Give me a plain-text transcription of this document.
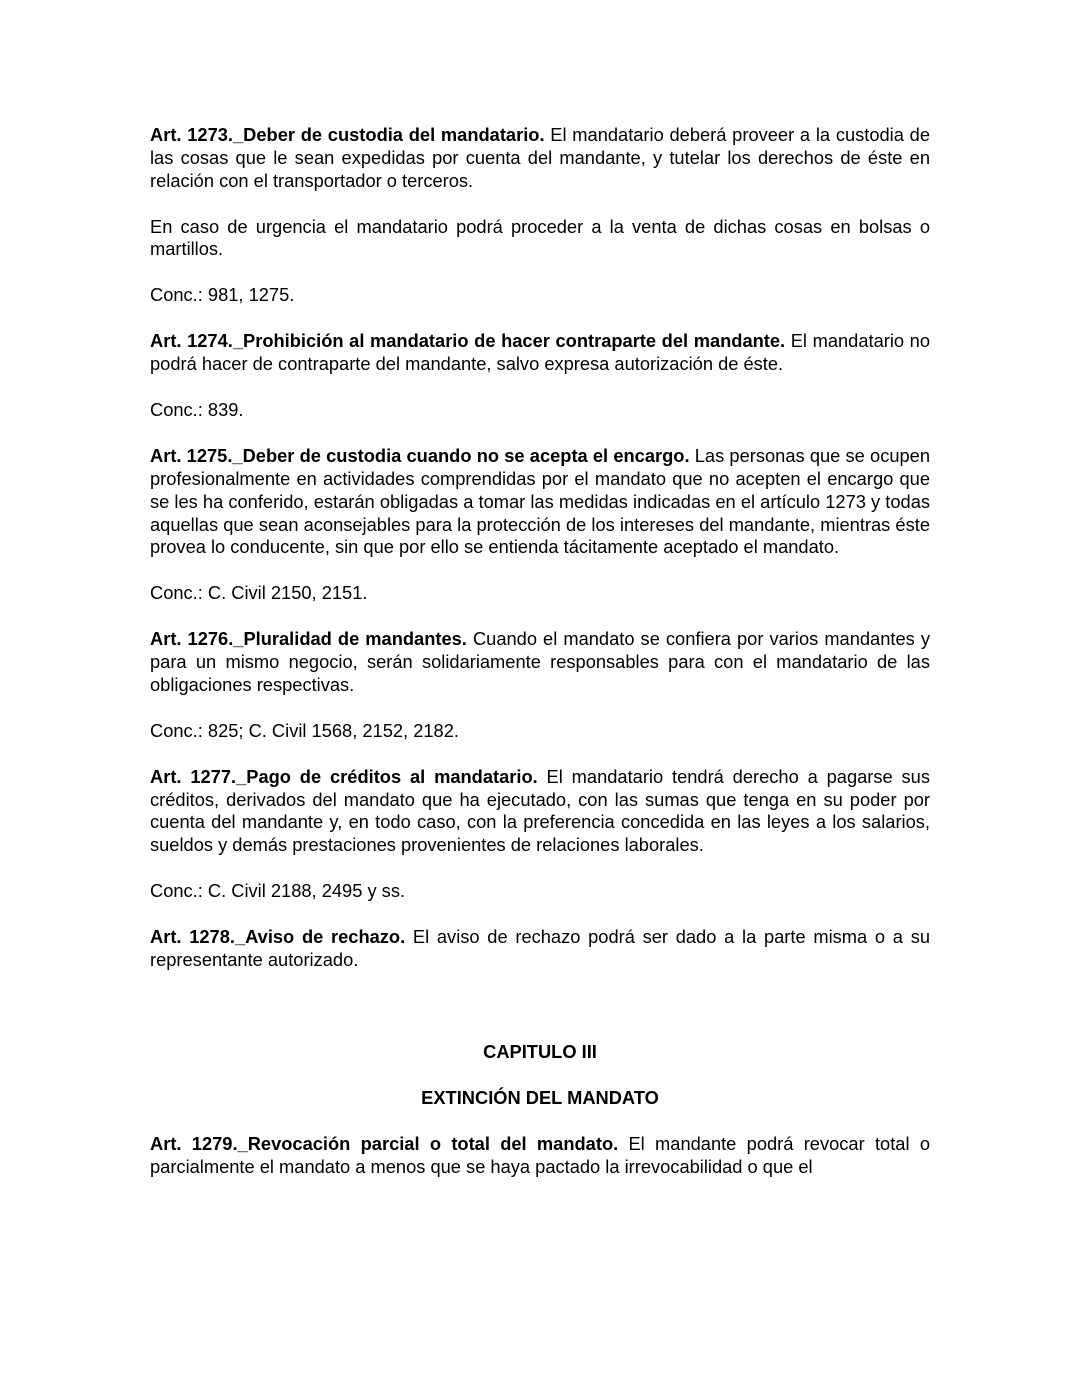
Art. 1273._Deber de custodia del mandatario. El mandatario deberá proveer a la custodia de las cosas que le sean expedidas por cuenta del mandante, y tutelar los derechos de éste en relación con el transportador o terceros.

En caso de urgencia el mandatario podrá proceder a la venta de dichas cosas en bolsas o martillos.

Conc.: 981, 1275.

Art. 1274._Prohibición al mandatario de hacer contraparte del mandante. El mandatario no podrá hacer de contraparte del mandante, salvo expresa autorización de éste.

Conc.: 839.

Art. 1275._Deber de custodia cuando no se acepta el encargo. Las personas que se ocupen profesionalmente en actividades comprendidas por el mandato que no acepten el encargo que se les ha conferido, estarán obligadas a tomar las medidas indicadas en el artículo 1273 y todas aquellas que sean aconsejables para la protección de los intereses del mandante, mientras éste provea lo conducente, sin que por ello se entienda tácitamente aceptado el mandato.

Conc.: C. Civil 2150, 2151.

Art. 1276._Pluralidad de mandantes. Cuando el mandato se confiera por varios mandantes y para un mismo negocio, serán solidariamente responsables para con el mandatario de las obligaciones respectivas.

Conc.: 825; C. Civil 1568, 2152, 2182.

Art. 1277._Pago de créditos al mandatario. El mandatario tendrá derecho a pagarse sus créditos, derivados del mandato que ha ejecutado, con las sumas que tenga en su poder por cuenta del mandante y, en todo caso, con la preferencia concedida en las leyes a los salarios, sueldos y demás prestaciones provenientes de relaciones laborales.

Conc.: C. Civil 2188, 2495 y ss.

Art. 1278._Aviso de rechazo. El aviso de rechazo podrá ser dado a la parte misma o a su representante autorizado.

CAPITULO III

EXTINCIÓN DEL MANDATO

Art. 1279._Revocación parcial o total del mandato. El mandante podrá revocar total o parcialmente el mandato a menos que se haya pactado la irrevocabilidad o que el
